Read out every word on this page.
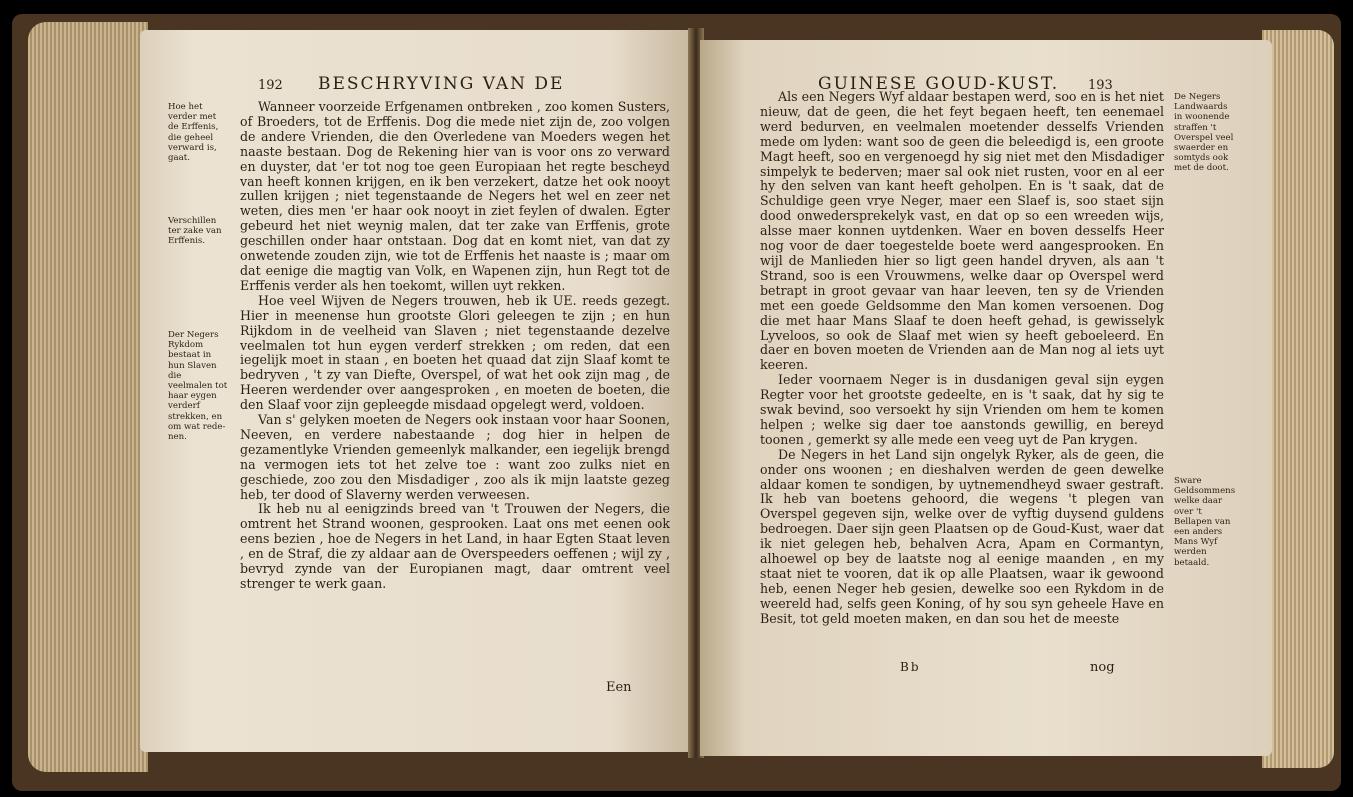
192 BESCHRYVING VAN DE
Hoe het verder met de Erffenis, die geheel verward is, gaat.
Verschillen ter zake van Erffenis.
Der Negers Rykdom bestaat in hun Slaven die veelmalen tot haar eygen verderf strekken, en om wat rede-nen.

Wanneer voorzeide Erfgenamen ontbreken , zoo komen Susters, of Broeders, tot de Erffenis. Dog die mede niet zijn de, zoo volgen de andere Vrienden, die den Overledene van Moeders wegen het naaste bestaan. Dog de Rekening hier van is voor ons zo verward en duyster, dat 'er tot nog toe geen Europiaan het regte bescheyd van heeft konnen krijgen, en ik ben verzekert, datze het ook nooyt zullen krijgen ; niet tegenstaande de Negers het wel en zeer net weten, dies men 'er haar ook nooyt in ziet feylen of dwalen. Egter gebeurd het niet weynig malen, dat ter zake van Erffenis, grote geschillen onder haar ontstaan. Dog dat en komt niet, van dat zy onwetende zouden zijn, wie tot de Erffenis het naaste is ; maar om dat eenige die magtig van Volk, en Wapenen zijn, hun Regt tot de Erffenis verder als hen toekomt, willen uyt rekken.

Hoe veel Wijven de Negers trouwen, heb ik UE. reeds gezegt. Hier in meenense hun grootste Glori geleegen te zijn ; en hun Rijkdom in de veelheid van Slaven ; niet tegenstaande dezelve veelmalen tot hun eygen verderf strekken ; om reden, dat een iegelijk moet in staan , en boeten het quaad dat zijn Slaaf komt te bedryven , 't zy van Diefte, Overspel, of wat het ook zijn mag , de Heeren werdender over aangesproken , en moeten de boeten, die den Slaaf voor zijn gepleegde misdaad opgelegt werd, voldoen.

Van s' gelyken moeten de Negers ook instaan voor haar Soonen, Neeven, en verdere nabestaande ; dog hier in helpen de gezamentlyke Vrienden gemeenlyk malkander, een iegelijk brengd na vermogen iets tot het zelve toe : want zoo zulks niet en geschiede, zoo zou den Misdadiger , zoo als ik mijn laatste gezeg heb, ter dood of Slaverny werden verweesen.

Ik heb nu al eenigzinds breed van 't Trouwen der Negers, die omtrent het Strand woonen, gesprooken. Laat ons met eenen ook eens bezien , hoe de Negers in het Land, in haar Egten Staat leven , en de Straf, die zy aldaar aan de Overspeeders oeffenen ; wijl zy , bevryd zynde van der Europianen magt, daar omtrent veel strenger te werk gaan.

Een
GUINESE GOUD-KUST. 193

Als een Negers Wyf aldaar bestapen werd, soo en is het niet nieuw, dat de geen, die het feyt begaen heeft, ten eenemael werd bedurven, en veelmalen moetender desselfs Vrienden mede om lyden: want soo de geen die beleedigd is, een groote Magt heeft, soo en vergenoegd hy sig niet met den Misdadiger simpelyk te bederven; maer sal ook niet rusten, voor en al eer hy den selven van kant heeft geholpen. En is 't saak, dat de Schuldige geen vrye Neger, maer een Slaef is, soo staet sijn dood onwedersprekelyk vast, en dat op so een wreeden wijs, alsse maer konnen uytdenken. Waer en boven desselfs Heer nog voor de daer toegestelde boete werd aangesprooken. En wijl de Manlieden hier so ligt geen handel dryven, als aan 't Strand, soo is een Vrouwmens, welke daar op Overspel werd betrapt in groot gevaar van haar leeven, ten sy de Vrienden met een goede Geldsomme den Man komen versoenen. Dog die met haar Mans Slaaf te doen heeft gehad, is gewisselyk Lyveloos, so ook de Slaaf met wien sy heeft geboeleerd. En daer en boven moeten de Vrienden aan de Man nog al iets uyt keeren.

Ieder voornaem Neger is in dusdanigen geval sijn eygen Regter voor het grootste gedeelte, en is 't saak, dat hy sig te swak bevind, soo versoekt hy sijn Vrienden om hem te komen helpen ; welke sig daer toe aanstonds gewillig, en bereyd toonen , gemerkt sy alle mede een veeg uyt de Pan krygen.

De Negers in het Land sijn ongelyk Ryker, als de geen, die onder ons woonen ; en dieshalven werden de geen dewelke aldaar komen te sondigen, by uytnemendheyd swaer gestraft. Ik heb van boetens gehoord, die wegens 't plegen van Overspel gegeven sijn, welke over de vyftig duysend guldens bedroegen. Daer sijn geen Plaatsen op de Goud-Kust, waer dat ik niet gelegen heb, behalven Acra, Apam en Cormantyn, alhoewel op bey de laatste nog al eenige maanden , en my staat niet te vooren, dat ik op alle Plaatsen, waar ik gewoond heb, eenen Neger heb gesien, dewelke soo een Rykdom in de weereld had, selfs geen Koning, of hy sou syn geheele Have en Besit, tot geld moeten maken, en dan sou het de meeste

De Negers Landwaards in woonende straffen 't Overspel veel swaerder en somtyds ook met de doot.
Sware Geldsommens welke daar over 't Bellapen van een anders Mans Wyf werden betaald.
Bb	nog
